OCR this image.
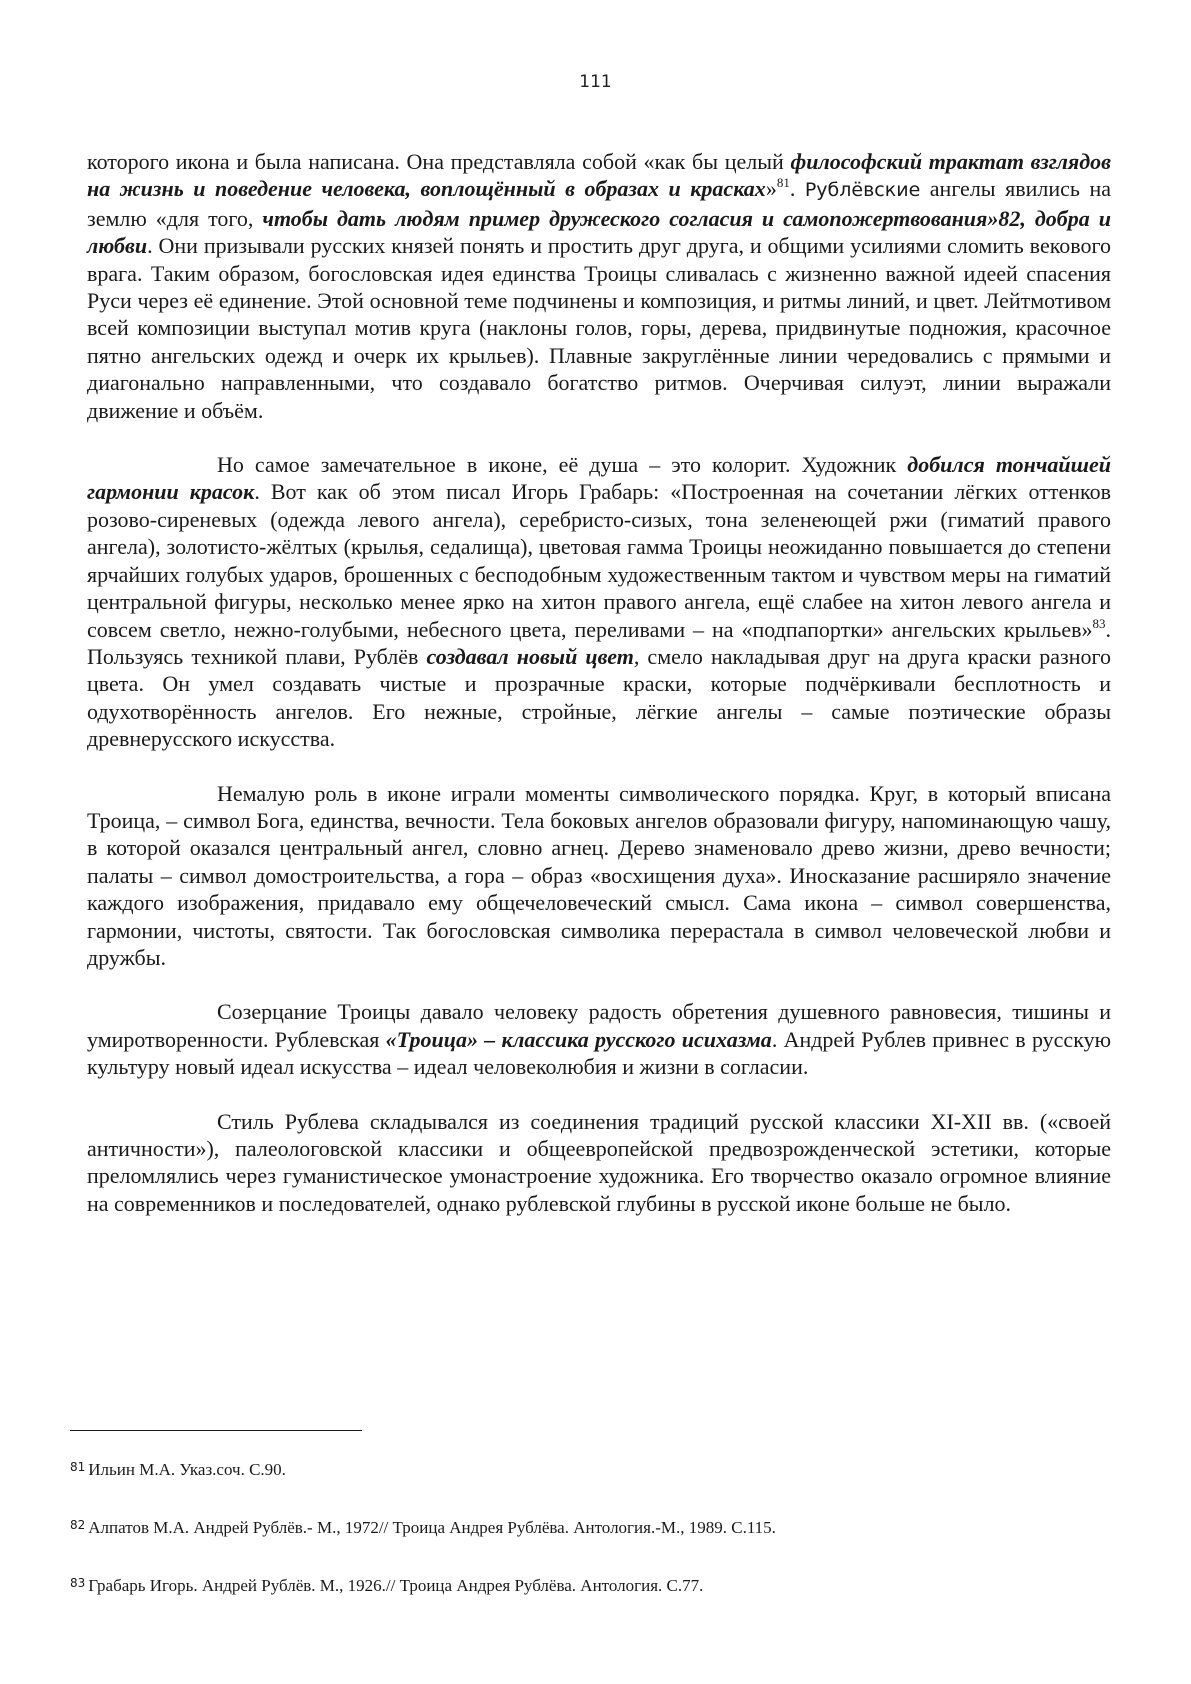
111

которого икона и была написана. Она представляла собой «как бы целый философский трактат взглядов на жизнь и поведение человека, воплощённый в образах и красках»$^{81}$. Рублёвские ангелы явились на землю «для того, чтобы дать людям пример дружеского согласия и самопожертвования»82, добра и любви. Они призывали русских князей понять и простить друг друга, и общими усилиями сломить векового врага. Таким образом, богословская идея единства Троицы сливалась с жизненно важной идеей спасения Руси через её единение. Этой основной теме подчинены и композиция, и ритмы линий, и цвет. Лейтмотивом всей композиции выступал мотив круга (наклоны голов, горы, дерева, придвинутые подножия, красочное пятно ангельских одежд и очерк их крыльев). Плавные закруглённые линии чередовались с прямыми и диагонально направленными, что создавало богатство ритмов. Очерчивая силуэт, линии выражали движение и объём.

Но самое замечательное в иконе, её душа – это колорит. Художник добился тончайшей гармонии красок. Вот как об этом писал Игорь Грабарь: «Построенная на сочетании лёгких оттенков розово-сиреневых (одежда левого ангела), серебристо-сизых, тона зеленеющей ржи (гиматий правого ангела), золотисто-жёлтых (крылья, седалища), цветовая гамма Троицы неожиданно повышается до степени ярчайших голубых ударов, брошенных с бесподобным художественным тактом и чувством меры на гиматий центральной фигуры, несколько менее ярко на хитон правого ангела, ещё слабее на хитон левого ангела и совсем светло, нежно-голубыми, небесного цвета, переливами – на «подпапортки» ангельских крыльев»$^{83}$. Пользуясь техникой плави, Рублёв создавал новый цвет, смело накладывая друг на друга краски разного цвета. Он умел создавать чистые и прозрачные краски, которые подчёркивали бесплотность и одухотворённость ангелов. Его нежные, стройные, лёгкие ангелы – самые поэтические образы древнерусского искусства.

Немалую роль в иконе играли моменты символического порядка. Круг, в который вписана Троица, – символ Бога, единства, вечности. Тела боковых ангелов образовали фигуру, напоминающую чашу, в которой оказался центральный ангел, словно агнец. Дерево знаменовало древо жизни, древо вечности; палаты – символ домостроительства, а гора – образ «восхищения духа». Иносказание расширяло значение каждого изображения, придавало ему общечеловеческий смысл. Сама икона – символ совершенства, гармонии, чистоты, святости. Так богословская символика перерастала в символ человеческой любви и дружбы.

Созерцание Троицы давало человеку радость обретения душевного равновесия, тишины и умиротворенности. Рублевская «Троица» – классика русского исихазма. Андрей Рублев привнес в русскую культуру новый идеал искусства – идеал человеколюбия и жизни в согласии.

Стиль Рублева складывался из соединения традиций русской классики XI-XII вв. («своей античности»), палеологовской классики и общеевропейской предвозрожденческой эстетики, которые преломлялись через гуманистическое умонастроение художника. Его творчество оказало огромное влияние на современников и последователей, однако рублевской глубины в русской иконе больше не было.

$^{81}$ Ильин М.А. Указ.соч. С.90.
$^{82}$ Алпатов М.А. Андрей Рублёв.- М., 1972// Троица Андрея Рублёва. Антология.-М., 1989. С.115.
$^{83}$ Грабарь Игорь. Андрей Рублёв. М., 1926.// Троица Андрея Рублёва. Антология. С.77.
